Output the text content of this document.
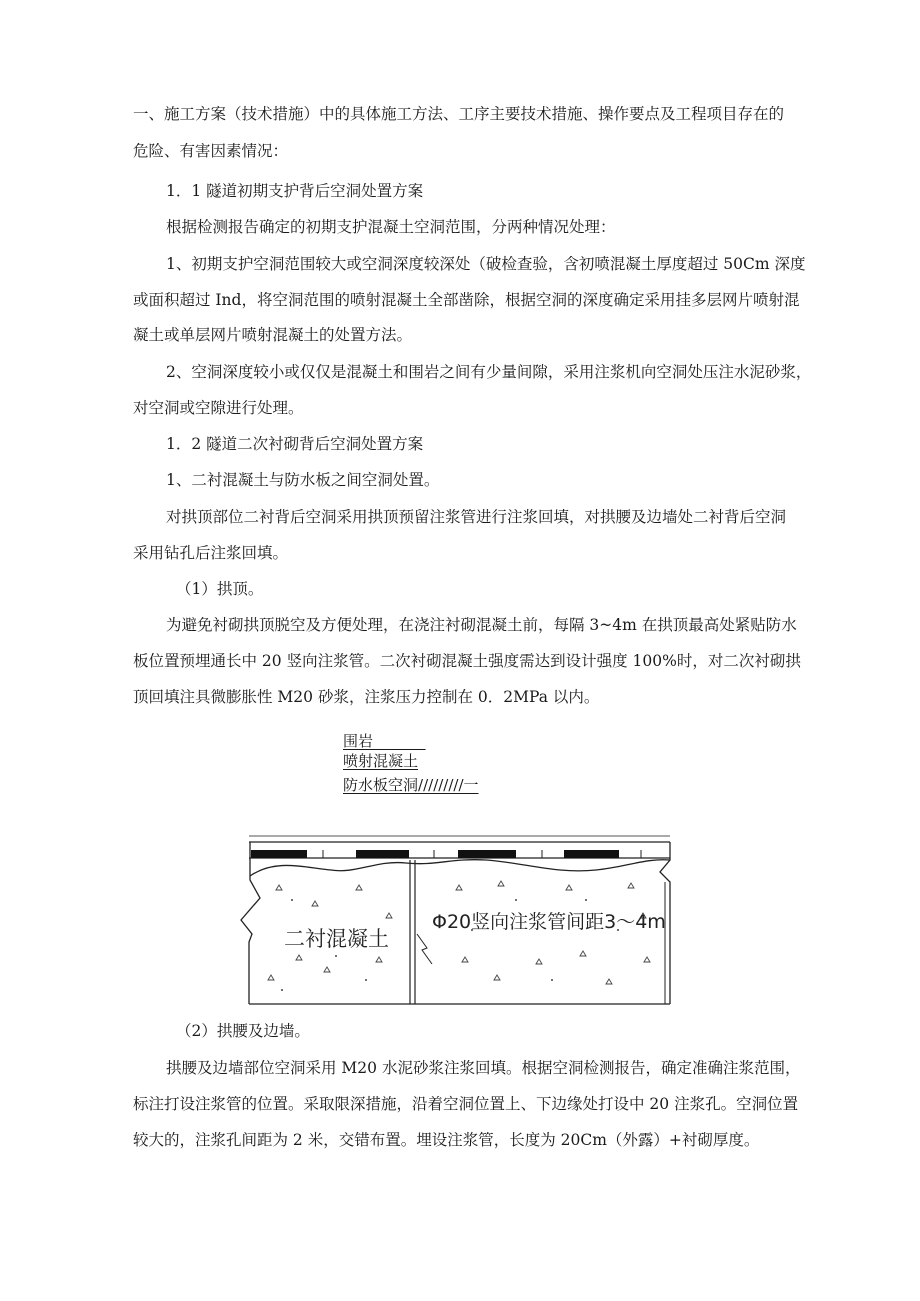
一、施工方案（技术措施）中的具体施工方法、工序主要技术措施、操作要点及工程项目存在的
危险、有害因素情况：
1．1 隧道初期支护背后空洞处置方案
根据检测报告确定的初期支护混凝土空洞范围，分两种情况处理：
1、初期支护空洞范围较大或空洞深度较深处（破检查验，含初喷混凝土厚度超过 50Cm 深度
或面积超过 Ind，将空洞范围的喷射混凝土全部凿除，根据空洞的深度确定采用挂多层网片喷射混
凝土或单层网片喷射混凝土的处置方法。
2、空洞深度较小或仅仅是混凝土和围岩之间有少量间隙，采用注浆机向空洞处压注水泥砂浆，
对空洞或空隙进行处理。
1．2 隧道二次衬砌背后空洞处置方案
1、二衬混凝土与防水板之间空洞处置。
对拱顶部位二衬背后空洞采用拱顶预留注浆管进行注浆回填，对拱腰及边墙处二衬背后空洞
采用钻孔后注浆回填。
（1）拱顶。
为避免衬砌拱顶脱空及方便处理，在浇注衬砌混凝土前，每隔 3~4m 在拱顶最高处紧贴防水
板位置预埋通长中 20 竖向注浆管。二次衬砌混凝土强度需达到设计强度 100%时，对二次衬砌拱
顶回填注具微膨胀性 M20 砂浆，注浆压力控制在 0．2MPa 以内。
围岩________
喷射混凝土
防水板空洞/////////一
二衬混凝土
Φ20竖向注浆管间距3～4m
（2）拱腰及边墙。
拱腰及边墙部位空洞采用 M20 水泥砂浆注浆回填。根据空洞检测报告，确定准确注浆范围，
标注打设注浆管的位置。采取限深措施，沿着空洞位置上、下边缘处打设中 20 注浆孔。空洞位置
较大的，注浆孔间距为 2 米，交错布置。埋设注浆管，长度为 20Cm（外露）+衬砌厚度。
